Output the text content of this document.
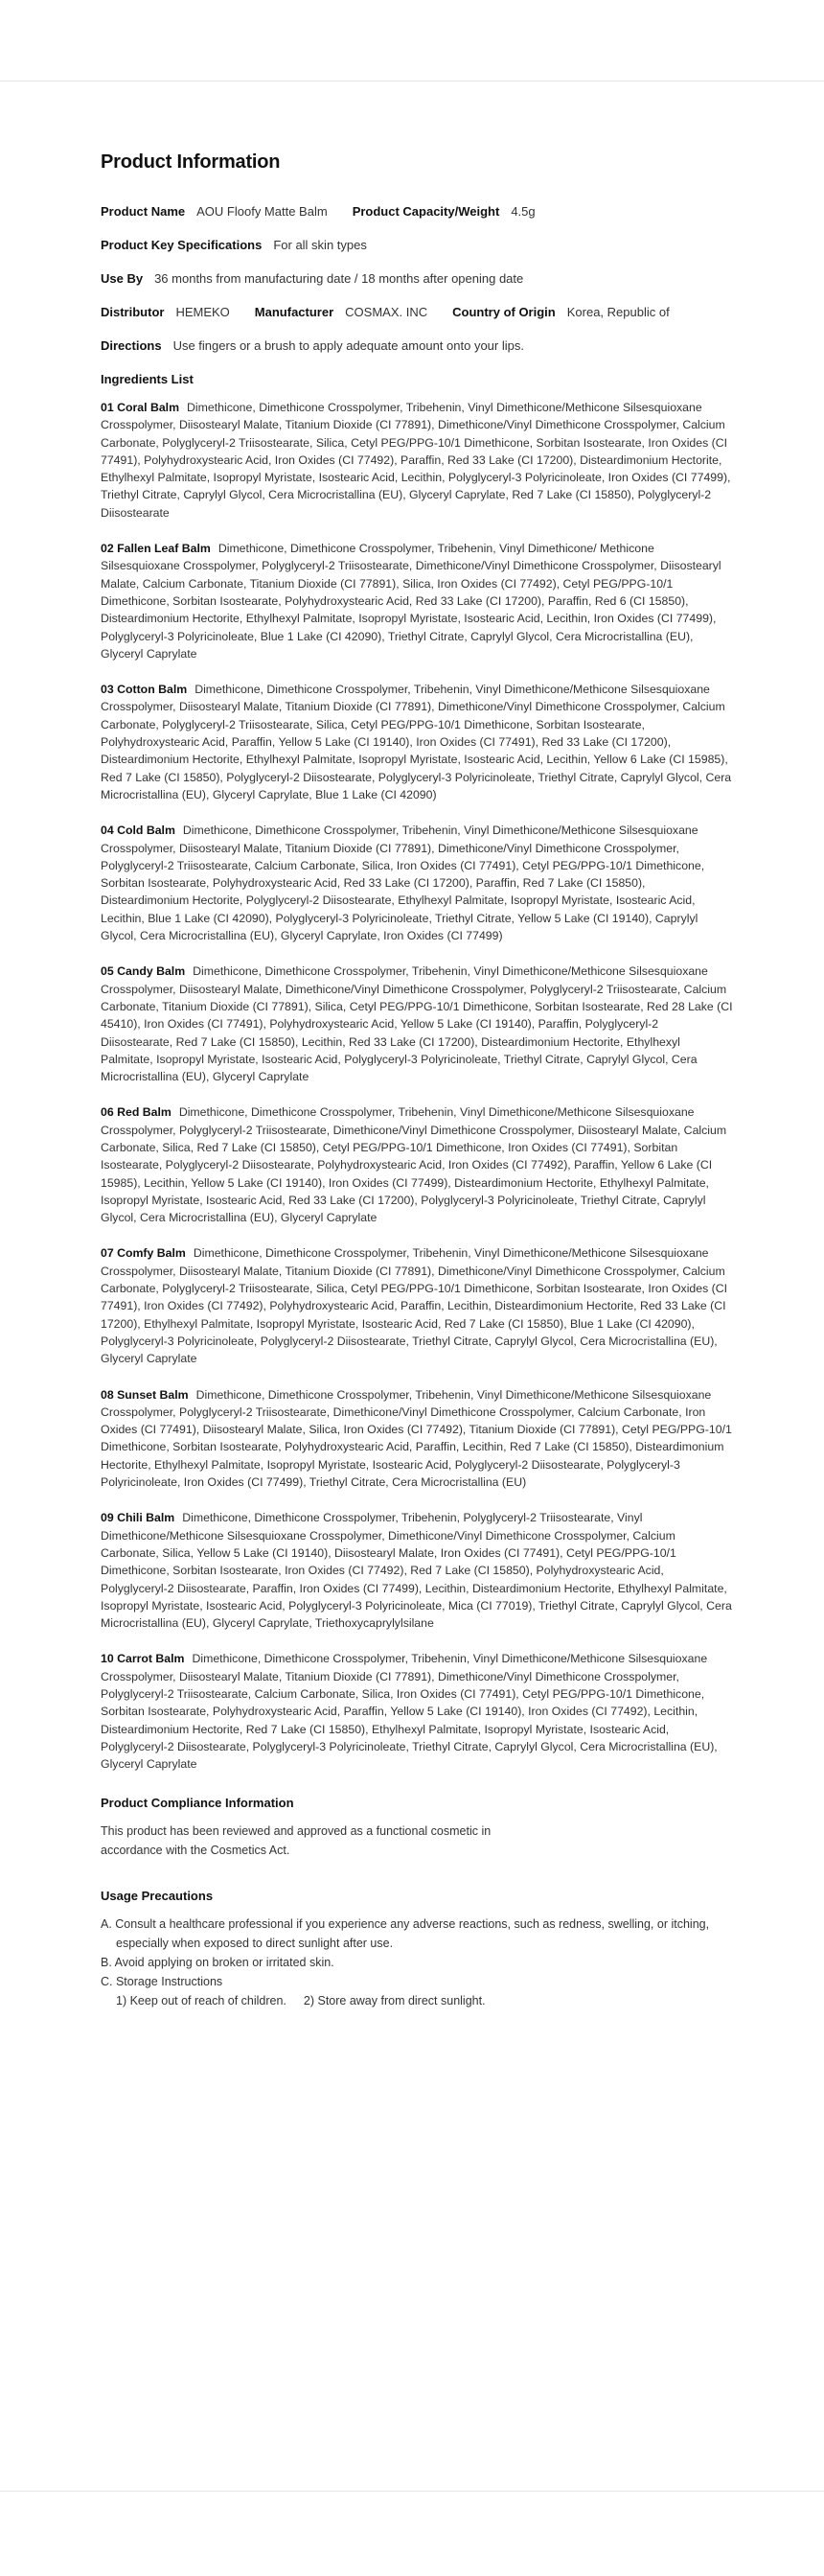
Product Information
Product Name AOU Floofy Matte Balm Product Capacity/Weight 4.5g
Product Key Specifications For all skin types
Use By 36 months from manufacturing date / 18 months after opening date
Distributor HEMEKO Manufacturer COSMAX. INC Country of Origin Korea, Republic of
Directions Use fingers or a brush to apply adequate amount onto your lips.
Ingredients List

01 Coral Balm Dimethicone, Dimethicone Crosspolymer, Tribehenin, Vinyl Dimethicone/Methicone Silsesquioxane Crosspolymer, Diisostearyl Malate, Titanium Dioxide (CI 77891), Dimethicone/Vinyl Dimethicone Crosspolymer, Calcium Carbonate, Polyglyceryl-2 Triisostearate, Silica, Cetyl PEG/PPG-10/1 Dimethicone, Sorbitan Isostearate, Iron Oxides (CI 77491), Polyhydroxystearic Acid, Iron Oxides (CI 77492), Paraffin, Red 33 Lake (CI 17200), Disteardimonium Hectorite, Ethylhexyl Palmitate, Isopropyl Myristate, Isostearic Acid, Lecithin, Polyglyceryl-3 Polyricinoleate, Iron Oxides (CI 77499), Triethyl Citrate, Caprylyl Glycol, Cera Microcristallina (EU), Glyceryl Caprylate, Red 7 Lake (CI 15850), Polyglyceryl-2 Diisostearate

02 Fallen Leaf Balm Dimethicone, Dimethicone Crosspolymer, Tribehenin, Vinyl Dimethicone/ Methicone Silsesquioxane Crosspolymer, Polyglyceryl-2 Triisostearate, Dimethicone/Vinyl Dimethicone Crosspolymer, Diisostearyl Malate, Calcium Carbonate, Titanium Dioxide (CI 77891), Silica, Iron Oxides (CI 77492), Cetyl PEG/PPG-10/1 Dimethicone, Sorbitan Isostearate, Polyhydroxystearic Acid, Red 33 Lake (CI 17200), Paraffin, Red 6 (CI 15850), Disteardimonium Hectorite, Ethylhexyl Palmitate, Isopropyl Myristate, Isostearic Acid, Lecithin, Iron Oxides (CI 77499), Polyglyceryl-3 Polyricinoleate, Blue 1 Lake (CI 42090), Triethyl Citrate, Caprylyl Glycol, Cera Microcristallina (EU), Glyceryl Caprylate

03 Cotton Balm Dimethicone, Dimethicone Crosspolymer, Tribehenin, Vinyl Dimethicone/Methicone Silsesquioxane Crosspolymer, Diisostearyl Malate, Titanium Dioxide (CI 77891), Dimethicone/Vinyl Dimethicone Crosspolymer, Calcium Carbonate, Polyglyceryl-2 Triisostearate, Silica, Cetyl PEG/PPG-10/1 Dimethicone, Sorbitan Isostearate, Polyhydroxystearic Acid, Paraffin, Yellow 5 Lake (CI 19140), Iron Oxides (CI 77491), Red 33 Lake (CI 17200), Disteardimonium Hectorite, Ethylhexyl Palmitate, Isopropyl Myristate, Isostearic Acid, Lecithin, Yellow 6 Lake (CI 15985), Red 7 Lake (CI 15850), Polyglyceryl-2 Diisostearate, Polyglyceryl-3 Polyricinoleate, Triethyl Citrate, Caprylyl Glycol, Cera Microcristallina (EU), Glyceryl Caprylate, Blue 1 Lake (CI 42090)

04 Cold Balm Dimethicone, Dimethicone Crosspolymer, Tribehenin, Vinyl Dimethicone/Methicone Silsesquioxane Crosspolymer, Diisostearyl Malate, Titanium Dioxide (CI 77891), Dimethicone/Vinyl Dimethicone Crosspolymer, Polyglyceryl-2 Triisostearate, Calcium Carbonate, Silica, Iron Oxides (CI 77491), Cetyl PEG/PPG-10/1 Dimethicone, Sorbitan Isostearate, Polyhydroxystearic Acid, Red 33 Lake (CI 17200), Paraffin, Red 7 Lake (CI 15850), Disteardimonium Hectorite, Polyglyceryl-2 Diisostearate, Ethylhexyl Palmitate, Isopropyl Myristate, Isostearic Acid, Lecithin, Blue 1 Lake (CI 42090), Polyglyceryl-3 Polyricinoleate, Triethyl Citrate, Yellow 5 Lake (CI 19140), Caprylyl Glycol, Cera Microcristallina (EU), Glyceryl Caprylate, Iron Oxides (CI 77499)

05 Candy Balm Dimethicone, Dimethicone Crosspolymer, Tribehenin, Vinyl Dimethicone/Methicone Silsesquioxane Crosspolymer, Diisostearyl Malate, Dimethicone/Vinyl Dimethicone Crosspolymer, Polyglyceryl-2 Triisostearate, Calcium Carbonate, Titanium Dioxide (CI 77891), Silica, Cetyl PEG/PPG-10/1 Dimethicone, Sorbitan Isostearate, Red 28 Lake (CI 45410), Iron Oxides (CI 77491), Polyhydroxystearic Acid, Yellow 5 Lake (CI 19140), Paraffin, Polyglyceryl-2 Diisostearate, Red 7 Lake (CI 15850), Lecithin, Red 33 Lake (CI 17200), Disteardimonium Hectorite, Ethylhexyl Palmitate, Isopropyl Myristate, Isostearic Acid, Polyglyceryl-3 Polyricinoleate, Triethyl Citrate, Caprylyl Glycol, Cera Microcristallina (EU), Glyceryl Caprylate

06 Red Balm Dimethicone, Dimethicone Crosspolymer, Tribehenin, Vinyl Dimethicone/Methicone Silsesquioxane Crosspolymer, Polyglyceryl-2 Triisostearate, Dimethicone/Vinyl Dimethicone Crosspolymer, Diisostearyl Malate, Calcium Carbonate, Silica, Red 7 Lake (CI 15850), Cetyl PEG/PPG-10/1 Dimethicone, Iron Oxides (CI 77491), Sorbitan Isostearate, Polyglyceryl-2 Diisostearate, Polyhydroxystearic Acid, Iron Oxides (CI 77492), Paraffin, Yellow 6 Lake (CI 15985), Lecithin, Yellow 5 Lake (CI 19140), Iron Oxides (CI 77499), Disteardimonium Hectorite, Ethylhexyl Palmitate, Isopropyl Myristate, Isostearic Acid, Red 33 Lake (CI 17200), Polyglyceryl-3 Polyricinoleate, Triethyl Citrate, Caprylyl Glycol, Cera Microcristallina (EU), Glyceryl Caprylate

07 Comfy Balm Dimethicone, Dimethicone Crosspolymer, Tribehenin, Vinyl Dimethicone/Methicone Silsesquioxane Crosspolymer, Diisostearyl Malate, Titanium Dioxide (CI 77891), Dimethicone/Vinyl Dimethicone Crosspolymer, Calcium Carbonate, Polyglyceryl-2 Triisostearate, Silica, Cetyl PEG/PPG-10/1 Dimethicone, Sorbitan Isostearate, Iron Oxides (CI 77491), Iron Oxides (CI 77492), Polyhydroxystearic Acid, Paraffin, Lecithin, Disteardimonium Hectorite, Red 33 Lake (CI 17200), Ethylhexyl Palmitate, Isopropyl Myristate, Isostearic Acid, Red 7 Lake (CI 15850), Blue 1 Lake (CI 42090), Polyglyceryl-3 Polyricinoleate, Polyglyceryl-2 Diisostearate, Triethyl Citrate, Caprylyl Glycol, Cera Microcristallina (EU), Glyceryl Caprylate

08 Sunset Balm Dimethicone, Dimethicone Crosspolymer, Tribehenin, Vinyl Dimethicone/Methicone Silsesquioxane Crosspolymer, Polyglyceryl-2 Triisostearate, Dimethicone/Vinyl Dimethicone Crosspolymer, Calcium Carbonate, Iron Oxides (CI 77491), Diisostearyl Malate, Silica, Iron Oxides (CI 77492), Titanium Dioxide (CI 77891), Cetyl PEG/PPG-10/1 Dimethicone, Sorbitan Isostearate, Polyhydroxystearic Acid, Paraffin, Lecithin, Red 7 Lake (CI 15850), Disteardimonium Hectorite, Ethylhexyl Palmitate, Isopropyl Myristate, Isostearic Acid, Polyglyceryl-2 Diisostearate, Polyglyceryl-3 Polyricinoleate, Iron Oxides (CI 77499), Triethyl Citrate, Cera Microcristallina (EU)

09 Chili Balm Dimethicone, Dimethicone Crosspolymer, Tribehenin, Polyglyceryl-2 Triisostearate, Vinyl Dimethicone/Methicone Silsesquioxane Crosspolymer, Dimethicone/Vinyl Dimethicone Crosspolymer, Calcium Carbonate, Silica, Yellow 5 Lake (CI 19140), Diisostearyl Malate, Iron Oxides (CI 77491), Cetyl PEG/PPG-10/1 Dimethicone, Sorbitan Isostearate, Iron Oxides (CI 77492), Red 7 Lake (CI 15850), Polyhydroxystearic Acid, Polyglyceryl-2 Diisostearate, Paraffin, Iron Oxides (CI 77499), Lecithin, Disteardimonium Hectorite, Ethylhexyl Palmitate, Isopropyl Myristate, Isostearic Acid, Polyglyceryl-3 Polyricinoleate, Mica (CI 77019), Triethyl Citrate, Caprylyl Glycol, Cera Microcristallina (EU), Glyceryl Caprylate, Triethoxycaprylylsilane

10 Carrot Balm Dimethicone, Dimethicone Crosspolymer, Tribehenin, Vinyl Dimethicone/Methicone Silsesquioxane Crosspolymer, Diisostearyl Malate, Titanium Dioxide (CI 77891), Dimethicone/Vinyl Dimethicone Crosspolymer, Polyglyceryl-2 Triisostearate, Calcium Carbonate, Silica, Iron Oxides (CI 77491), Cetyl PEG/PPG-10/1 Dimethicone, Sorbitan Isostearate, Polyhydroxystearic Acid, Paraffin, Yellow 5 Lake (CI 19140), Iron Oxides (CI 77492), Lecithin, Disteardimonium Hectorite, Red 7 Lake (CI 15850), Ethylhexyl Palmitate, Isopropyl Myristate, Isostearic Acid, Polyglyceryl-2 Diisostearate, Polyglyceryl-3 Polyricinoleate, Triethyl Citrate, Caprylyl Glycol, Cera Microcristallina (EU), Glyceryl Caprylate

Product Compliance Information

This product has been reviewed and approved as a functional cosmetic in accordance with the Cosmetics Act.

Usage Precautions

A. Consult a healthcare professional if you experience any adverse reactions, such as redness, swelling, or itching, especially when exposed to direct sunlight after use.

B. Avoid applying on broken or irritated skin.

C. Storage Instructions

1) Keep out of reach of children. 2) Store away from direct sunlight.
